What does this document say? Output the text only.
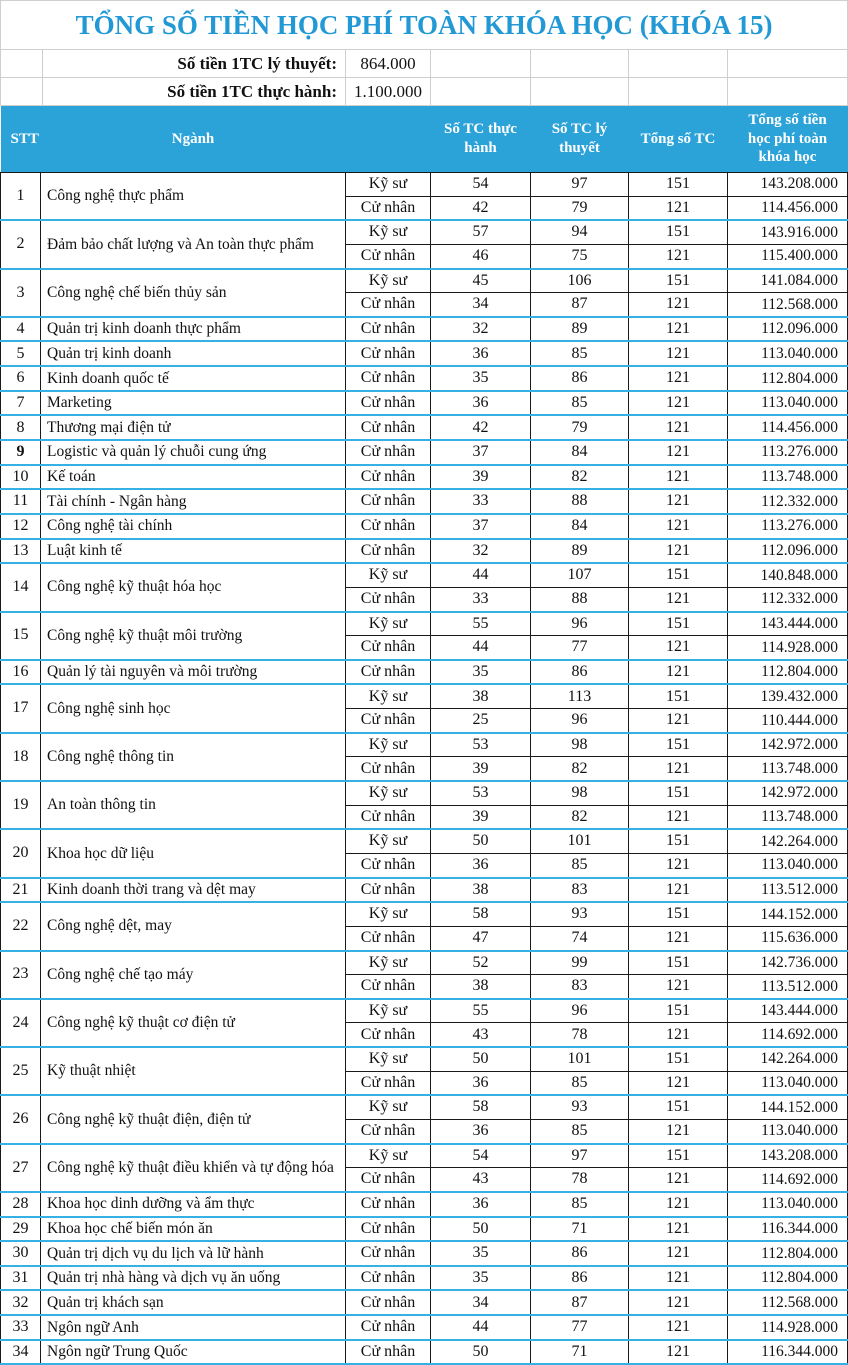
TỔNG SỐ TIỀN HỌC PHÍ TOÀN KHÓA HỌC (KHÓA 15)						
	Số tiền 1TC lý thuyết:	864.000				
	Số tiền 1TC thực hành:	1.100.000				
STT	Ngành		Số TC thực hành	Số TC lý thuyết	Tổng số TC	Tổng số tiền học phí toàn khóa học
1	Công nghệ thực phẩm	Kỹ sư	54	97	151	143.208.000
		Cử nhân	42	79	121	114.456.000
2	Đảm bảo chất lượng và An toàn thực phẩm	Kỹ sư	57	94	151	143.916.000
		Cử nhân	46	75	121	115.400.000
3	Công nghệ chế biến thủy sản	Kỹ sư	45	106	151	141.084.000
		Cử nhân	34	87	121	112.568.000
4	Quản trị kinh doanh thực phẩm	Cử nhân	32	89	121	112.096.000
5	Quản trị kinh doanh	Cử nhân	36	85	121	113.040.000
6	Kinh doanh quốc tế	Cử nhân	35	86	121	112.804.000
7	Marketing	Cử nhân	36	85	121	113.040.000
8	Thương mại điện tử	Cử nhân	42	79	121	114.456.000
9	Logistic và quản lý chuỗi cung ứng	Cử nhân	37	84	121	113.276.000
10	Kế toán	Cử nhân	39	82	121	113.748.000
11	Tài chính - Ngân hàng	Cử nhân	33	88	121	112.332.000
12	Công nghệ tài chính	Cử nhân	37	84	121	113.276.000
13	Luật kinh tế	Cử nhân	32	89	121	112.096.000
14	Công nghệ kỹ thuật hóa học	Kỹ sư	44	107	151	140.848.000
		Cử nhân	33	88	121	112.332.000
15	Công nghệ kỹ thuật môi trường	Kỹ sư	55	96	151	143.444.000
		Cử nhân	44	77	121	114.928.000
16	Quản lý tài nguyên và môi trường	Cử nhân	35	86	121	112.804.000
17	Công nghệ sinh học	Kỹ sư	38	113	151	139.432.000
		Cử nhân	25	96	121	110.444.000
18	Công nghệ thông tin	Kỹ sư	53	98	151	142.972.000
		Cử nhân	39	82	121	113.748.000
19	An toàn thông tin	Kỹ sư	53	98	151	142.972.000
		Cử nhân	39	82	121	113.748.000
20	Khoa học dữ liệu	Kỹ sư	50	101	151	142.264.000
		Cử nhân	36	85	121	113.040.000
21	Kinh doanh thời trang và dệt may	Cử nhân	38	83	121	113.512.000
22	Công nghệ dệt, may	Kỹ sư	58	93	151	144.152.000
		Cử nhân	47	74	121	115.636.000
23	Công nghệ chế tạo máy	Kỹ sư	52	99	151	142.736.000
		Cử nhân	38	83	121	113.512.000
24	Công nghệ kỹ thuật cơ điện tử	Kỹ sư	55	96	151	143.444.000
		Cử nhân	43	78	121	114.692.000
25	Kỹ thuật nhiệt	Kỹ sư	50	101	151	142.264.000
		Cử nhân	36	85	121	113.040.000
26	Công nghệ kỹ thuật điện, điện tử	Kỹ sư	58	93	151	144.152.000
		Cử nhân	36	85	121	113.040.000
27	Công nghệ kỹ thuật điều khiển và tự động hóa	Kỹ sư	54	97	151	143.208.000
		Cử nhân	43	78	121	114.692.000
28	Khoa học dinh dưỡng và ẩm thực	Cử nhân	36	85	121	113.040.000
29	Khoa học chế biến món ăn	Cử nhân	50	71	121	116.344.000
30	Quản trị dịch vụ du lịch và lữ hành	Cử nhân	35	86	121	112.804.000
31	Quản trị nhà hàng và dịch vụ ăn uống	Cử nhân	35	86	121	112.804.000
32	Quản trị khách sạn	Cử nhân	34	87	121	112.568.000
33	Ngôn ngữ Anh	Cử nhân	44	77	121	114.928.000
34	Ngôn ngữ Trung Quốc	Cử nhân	50	71	121	116.344.000
